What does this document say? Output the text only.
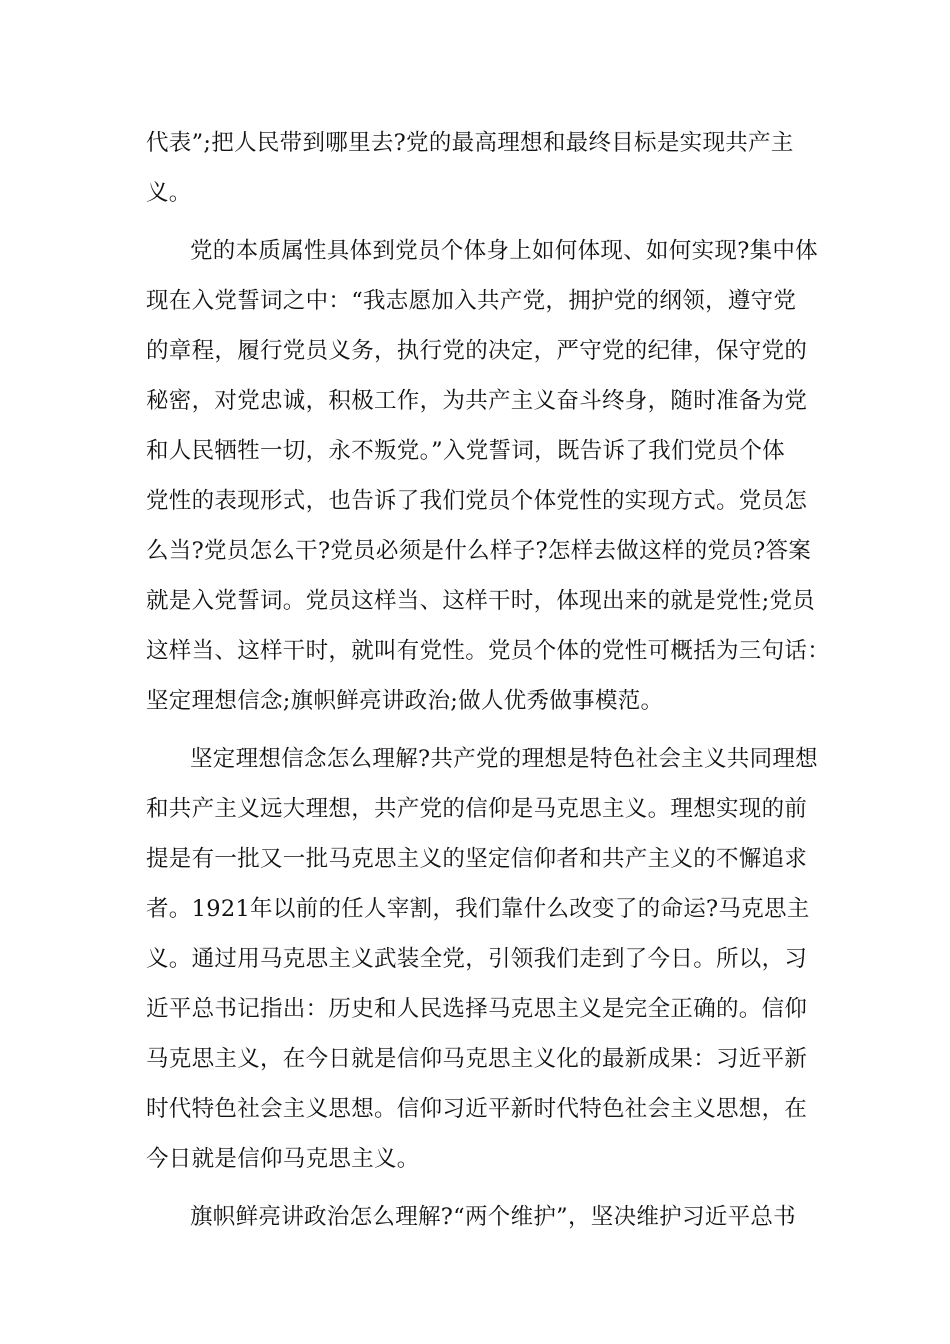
代表”;把人民带到哪里去?党的最高理想和最终目标是实现共产主
义。
党的本质属性具体到党员个体身上如何体现、如何实现?集中体
现在入党誓词之中：“我志愿加入共产党，拥护党的纲领，遵守党
的章程，履行党员义务，执行党的决定，严守党的纪律，保守党的
秘密，对党忠诚，积极工作，为共产主义奋斗终身，随时准备为党
和人民牺牲一切，永不叛党。”入党誓词，既告诉了我们党员个体
党性的表现形式，也告诉了我们党员个体党性的实现方式。党员怎
么当?党员怎么干?党员必须是什么样子?怎样去做这样的党员?答案
就是入党誓词。党员这样当、这样干时，体现出来的就是党性;党员
这样当、这样干时，就叫有党性。党员个体的党性可概括为三句话：
坚定理想信念;旗帜鲜亮讲政治;做人优秀做事模范。
坚定理想信念怎么理解?共产党的理想是特色社会主义共同理想
和共产主义远大理想，共产党的信仰是马克思主义。理想实现的前
提是有一批又一批马克思主义的坚定信仰者和共产主义的不懈追求
者。1921年以前的任人宰割，我们靠什么改变了的命运?马克思主
义。通过用马克思主义武装全党，引领我们走到了今日。所以，习
近平总书记指出：历史和人民选择马克思主义是完全正确的。信仰
马克思主义，在今日就是信仰马克思主义化的最新成果：习近平新
时代特色社会主义思想。信仰习近平新时代特色社会主义思想，在
今日就是信仰马克思主义。
旗帜鲜亮讲政治怎么理解?“两个维护”，坚决维护习近平总书
